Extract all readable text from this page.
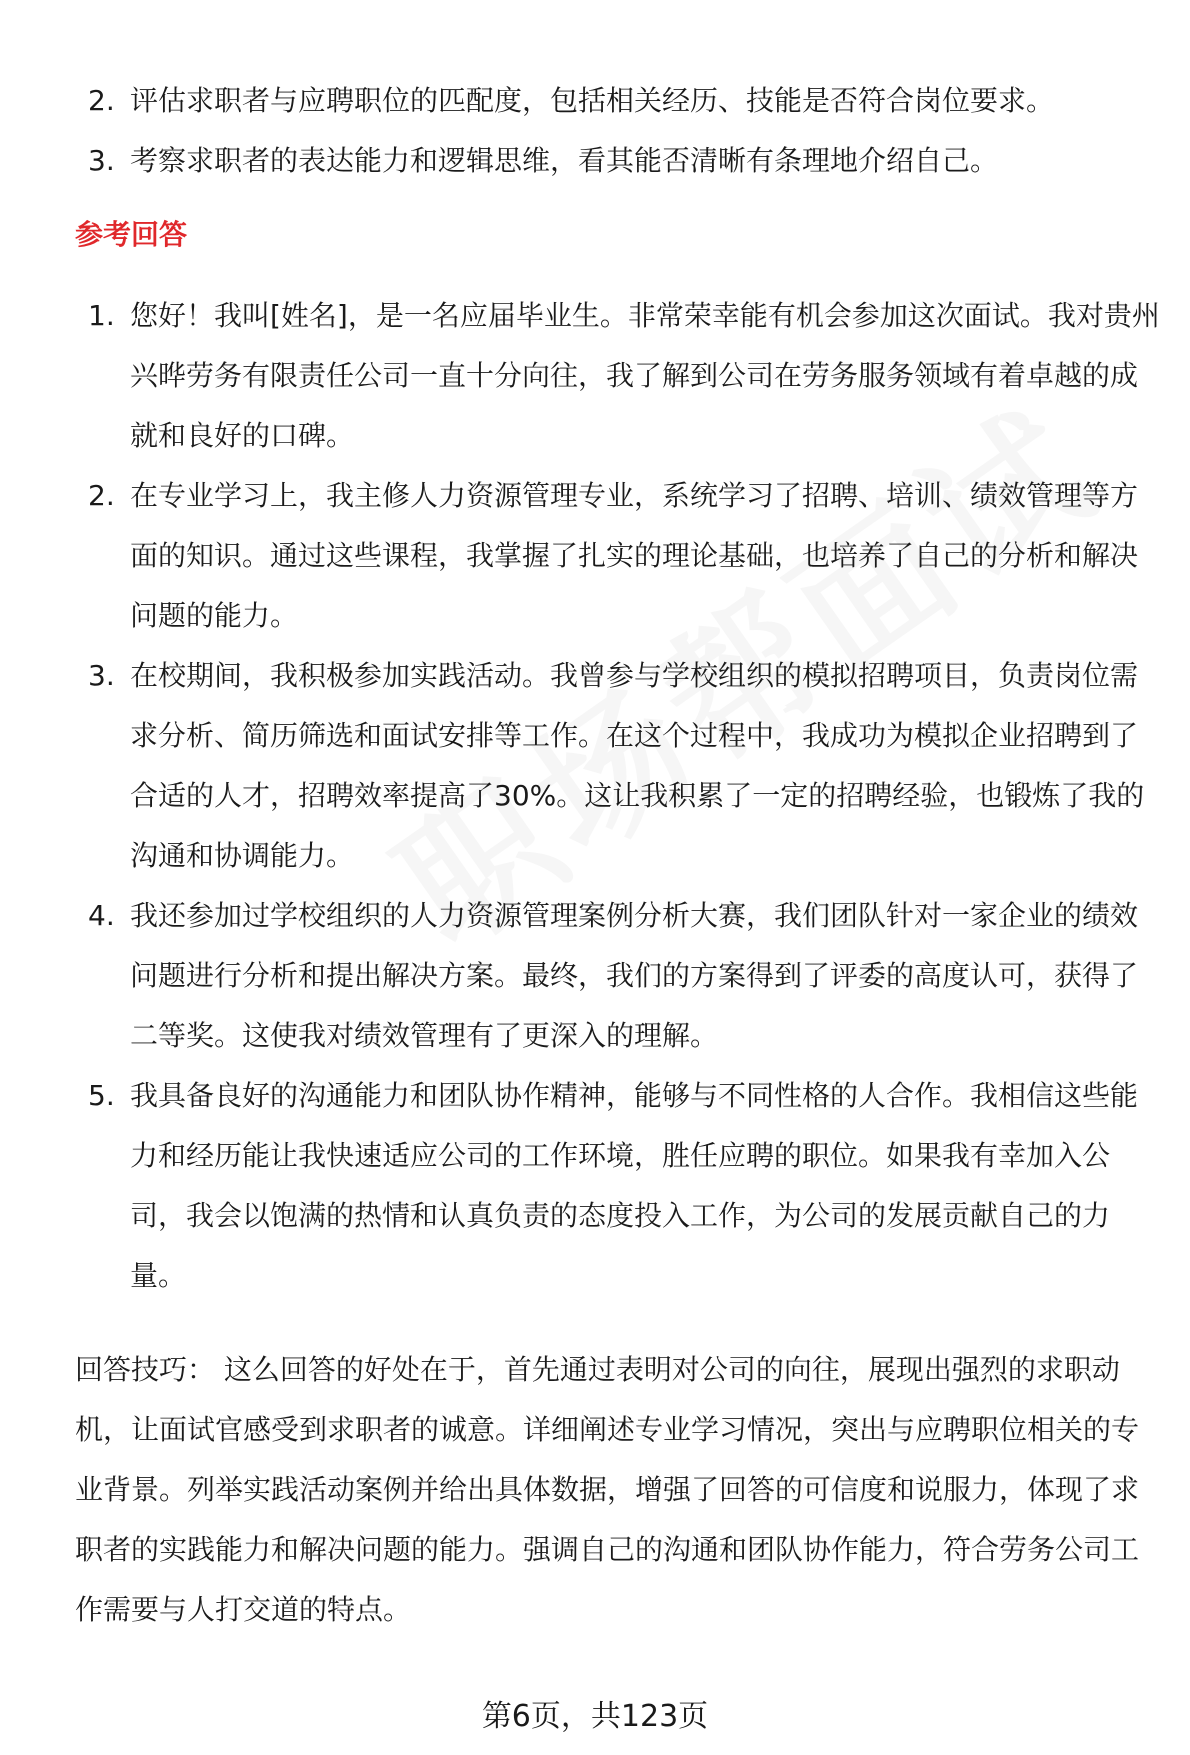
2. 评估求职者与应聘职位的匹配度，包括相关经历、技能是否符合岗位要求。
3. 考察求职者的表达能力和逻辑思维，看其能否清晰有条理地介绍自己。
参考回答
1. 您好！我叫[姓名]，是一名应届毕业生。非常荣幸能有机会参加这次面试。我对贵州兴晔劳务有限责任公司一直十分向往，我了解到公司在劳务服务领域有着卓越的成就和良好的口碑。
2. 在专业学习上，我主修人力资源管理专业，系统学习了招聘、培训、绩效管理等方面的知识。通过这些课程，我掌握了扎实的理论基础，也培养了自己的分析和解决问题的能力。
3. 在校期间，我积极参加实践活动。我曾参与学校组织的模拟招聘项目，负责岗位需求分析、简历筛选和面试安排等工作。在这个过程中，我成功为模拟企业招聘到了合适的人才，招聘效率提高了30%。这让我积累了一定的招聘经验，也锻炼了我的沟通和协调能力。
4. 我还参加过学校组织的人力资源管理案例分析大赛，我们团队针对一家企业的绩效问题进行分析和提出解决方案。最终，我们的方案得到了评委的高度认可，获得了二等奖。这使我对绩效管理有了更深入的理解。
5. 我具备良好的沟通能力和团队协作精神，能够与不同性格的人合作。我相信这些能力和经历能让我快速适应公司的工作环境，胜任应聘的职位。如果我有幸加入公司，我会以饱满的热情和认真负责的态度投入工作，为公司的发展贡献自己的力量。
回答技巧： 这么回答的好处在于，首先通过表明对公司的向往，展现出强烈的求职动机，让面试官感受到求职者的诚意。详细阐述专业学习情况，突出与应聘职位相关的专业背景。列举实践活动案例并给出具体数据，增强了回答的可信度和说服力，体现了求职者的实践能力和解决问题的能力。强调自己的沟通和团队协作能力，符合劳务公司工作需要与人打交道的特点。
第6页，共123页
